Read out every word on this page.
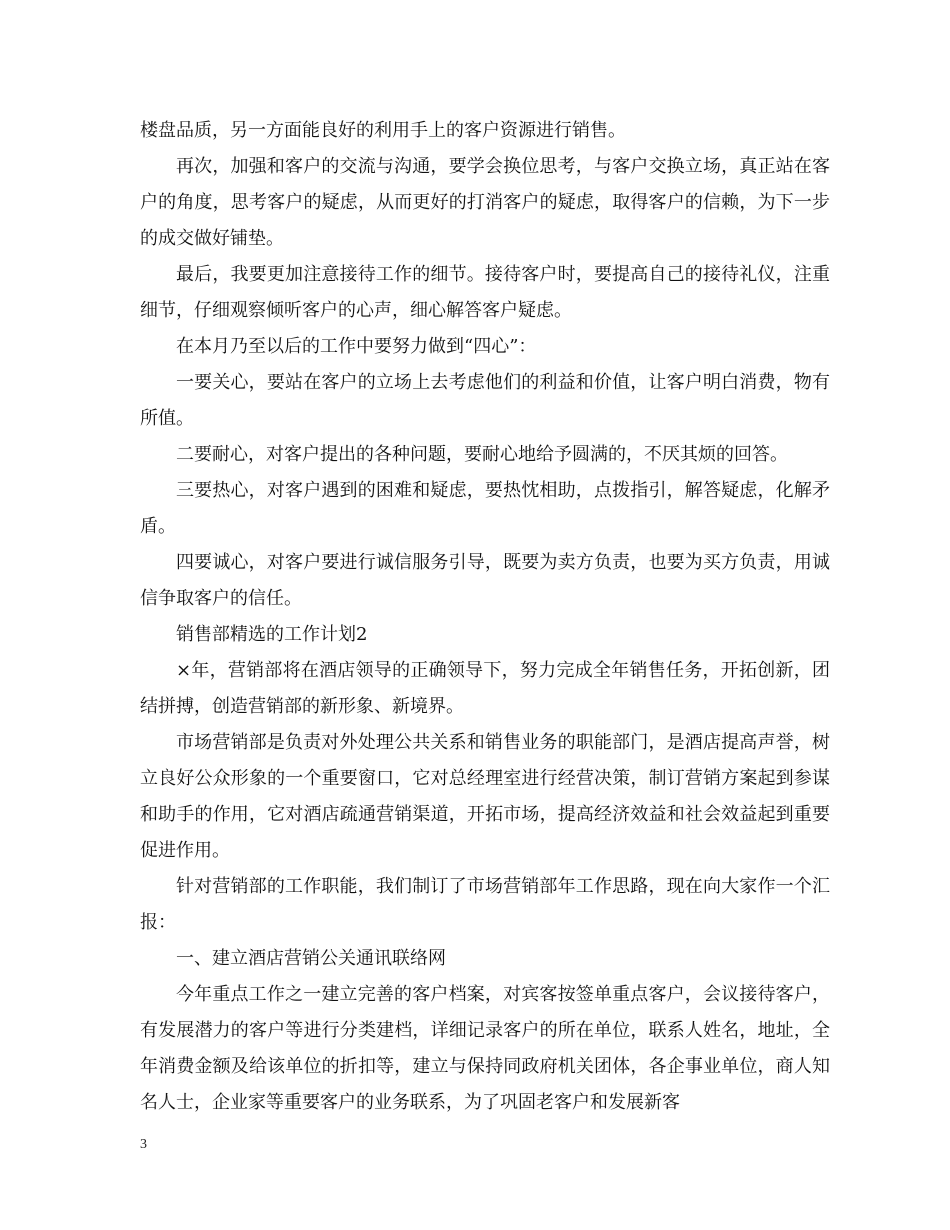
楼盘品质，另一方面能良好的利用手上的客户资源进行销售。

再次，加强和客户的交流与沟通，要学会换位思考，与客户交换立场，真正站在客户的角度，思考客户的疑虑，从而更好的打消客户的疑虑，取得客户的信赖，为下一步的成交做好铺垫。

最后，我要更加注意接待工作的细节。接待客户时，要提高自己的接待礼仪，注重细节，仔细观察倾听客户的心声，细心解答客户疑虑。

在本月乃至以后的工作中要努力做到“四心”：

一要关心，要站在客户的立场上去考虑他们的利益和价值，让客户明白消费，物有所值。

二要耐心，对客户提出的各种问题，要耐心地给予圆满的，不厌其烦的回答。

三要热心，对客户遇到的困难和疑虑，要热忱相助，点拨指引，解答疑虑，化解矛盾。

四要诚心，对客户要进行诚信服务引导，既要为卖方负责，也要为买方负责，用诚信争取客户的信任。

销售部精选的工作计划2

×年，营销部将在酒店领导的正确领导下，努力完成全年销售任务，开拓创新，团结拼搏，创造营销部的新形象、新境界。

市场营销部是负责对外处理公共关系和销售业务的职能部门，是酒店提高声誉，树立良好公众形象的一个重要窗口，它对总经理室进行经营决策，制订营销方案起到参谋和助手的作用，它对酒店疏通营销渠道，开拓市场，提高经济效益和社会效益起到重要促进作用。

针对营销部的工作职能，我们制订了市场营销部年工作思路，现在向大家作一个汇报：

一、建立酒店营销公关通讯联络网

今年重点工作之一建立完善的客户档案，对宾客按签单重点客户，会议接待客户，有发展潜力的客户等进行分类建档，详细记录客户的所在单位，联系人姓名，地址，全年消费金额及给该单位的折扣等，建立与保持同政府机关团体，各企事业单位，商人知名人士，企业家等重要客户的业务联系，为了巩固老客户和发展新客

3
